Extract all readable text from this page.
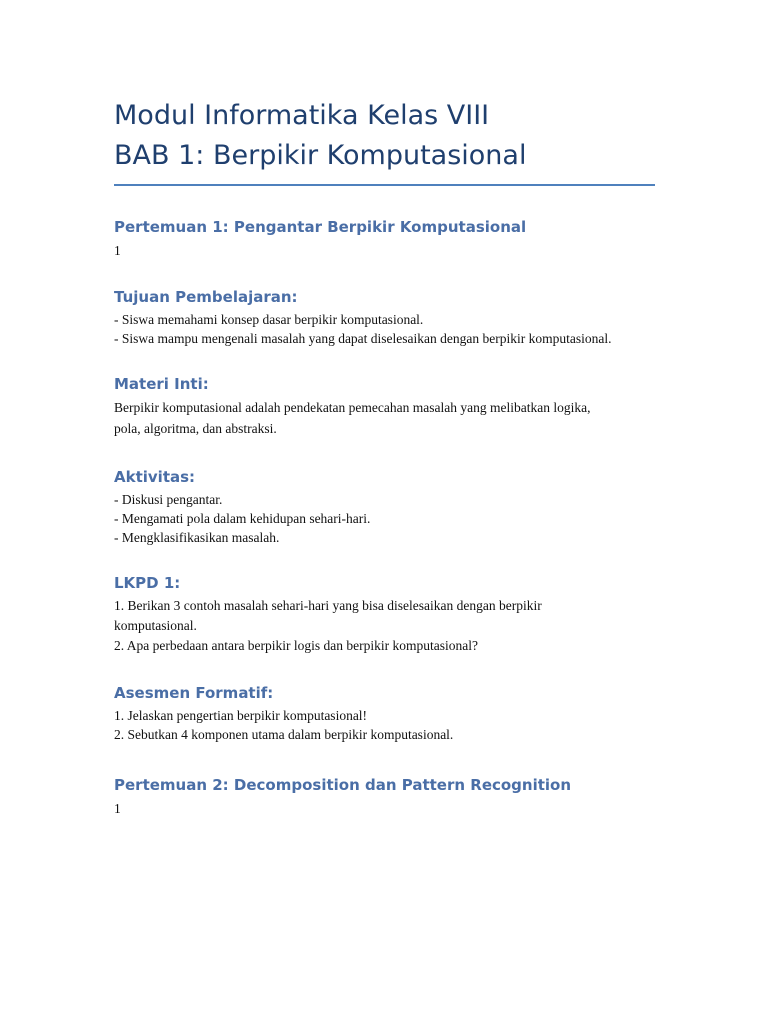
Modul Informatika Kelas VIII
BAB 1: Berpikir Komputasional
Pertemuan 1: Pengantar Berpikir Komputasional

1

Tujuan Pembelajaran:

- Siswa memahami konsep dasar berpikir komputasional.
- Siswa mampu mengenali masalah yang dapat diselesaikan dengan berpikir komputasional.

Materi Inti:

Berpikir komputasional adalah pendekatan pemecahan masalah yang melibatkan logika,
pola, algoritma, dan abstraksi.

Aktivitas:

- Diskusi pengantar.
- Mengamati pola dalam kehidupan sehari-hari.
- Mengklasifikasikan masalah.

LKPD 1:

1. Berikan 3 contoh masalah sehari-hari yang bisa diselesaikan dengan berpikir
komputasional.
2. Apa perbedaan antara berpikir logis dan berpikir komputasional?

Asesmen Formatif:

1. Jelaskan pengertian berpikir komputasional!
2. Sebutkan 4 komponen utama dalam berpikir komputasional.

Pertemuan 2: Decomposition dan Pattern Recognition

1
